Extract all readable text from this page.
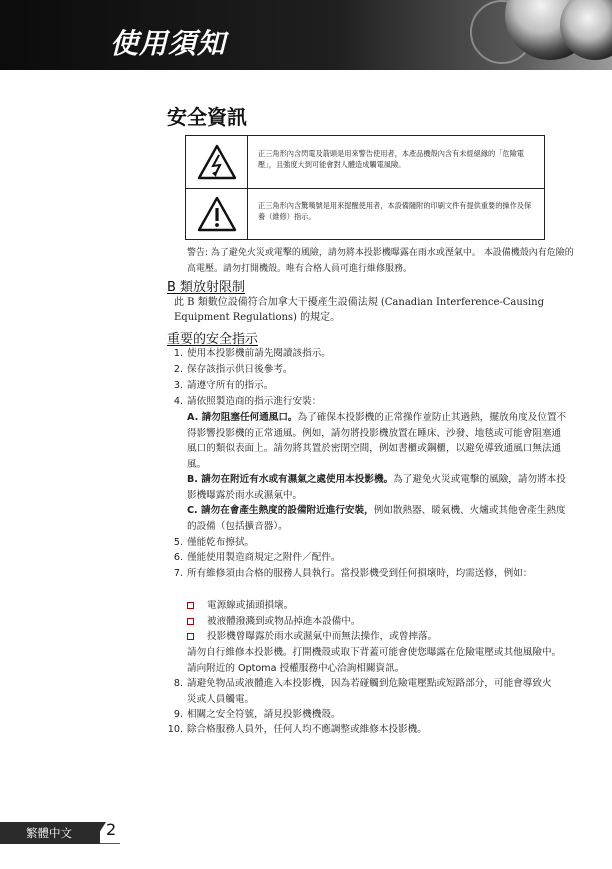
使用須知
安全資訊
正三角形內含閃電及箭頭是用來警告使用者，本產品機殼內含有未經絕緣的「危險電壓」，且強度大到可能會對人體造成觸電風險。
正三角形內含驚嘆號是用來提醒使用者，本設備隨附的印刷文件有提供重要的操作及保養（維修）指示。
警告: 為了避免火災或電擊的風險，請勿將本投影機曝露在雨水或溼氣中。 本設備機殼內有危險的高電壓。請勿打開機殼。唯有合格人員可進行維修服務。
B 類放射限制
此 B 類數位設備符合加拿大干擾產生設備法規 (Canadian Interference-Causing Equipment Regulations) 的規定。
重要的安全指示
1. 使用本投影機前請先閱讀該指示。
2. 保存該指示供日後參考。
3. 請遵守所有的指示。
4. 請依照製造商的指示進行安裝：
A. 請勿阻塞任何通風口。為了確保本投影機的正常操作並防止其過熱，擺放角度及位置不得影響投影機的正常通風。例如，請勿將投影機放置在睡床、沙發、地毯或可能會阻塞通風口的類似表面上。請勿將其置於密閉空間，例如書櫃或鋼櫃，以避免導致通風口無法通風。
B. 請勿在附近有水或有濕氣之處使用本投影機。為了避免火災或電擊的風險，請勿將本投影機曝露於雨水或濕氣中。
C. 請勿在會產生熱度的設備附近進行安裝，例如散熱器、暖氣機、火爐或其他會產生熱度的設備（包括擴音器）。
5. 僅能乾布擦拭。
6. 僅能使用製造商規定之附件／配件。
7. 所有維修須由合格的服務人員執行。當投影機受到任何損壞時，均需送修，例如：
電源線或插頭損壞。
被液體潑濺到或物品掉進本設備中。
投影機曾曝露於雨水或濕氣中而無法操作，或曾摔落。
請勿自行維修本投影機。打開機殼或取下背蓋可能會使您曝露在危險電壓或其他風險中。請向附近的 Optoma 授權服務中心洽詢相關資訊。
8. 請避免物品或液體進入本投影機，因為若碰觸到危險電壓點或短路部分，可能會導致火災或人員觸電。
9. 相關之安全符號，請見投影機機殼。
10. 除合格服務人員外，任何人均不應調整或維修本投影機。
繁體中文	2
